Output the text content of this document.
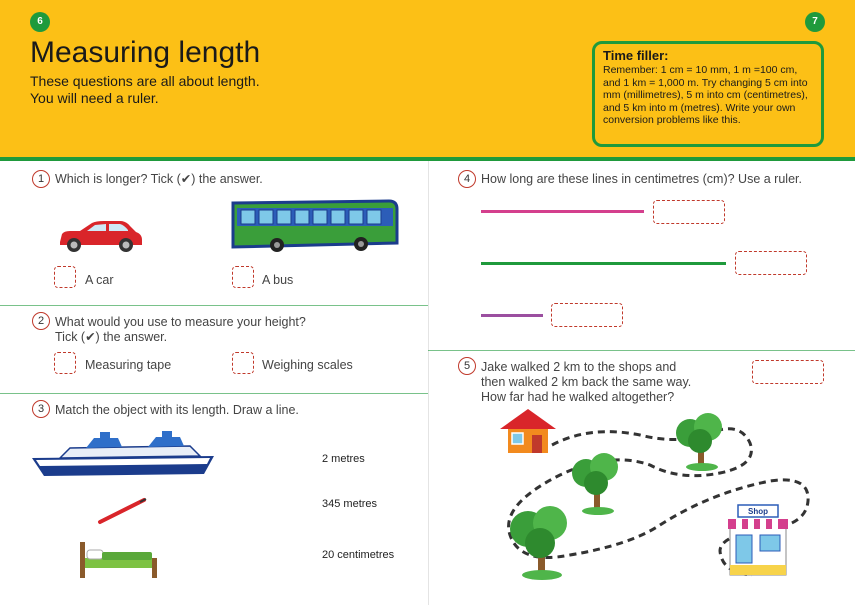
6	7
Measuring length
These questions are all about length.
You will need a ruler.
Time filler:
Remember: 1 cm = 10 mm, 1 m =100 cm,
and 1 km = 1,000 m. Try changing 5 cm into
mm (millimetres), 5 m into cm (centimetres),
and 5 km into m (metres). Write your own
conversion problems like this.
1 Which is longer? Tick (✔) the answer.
A car	A bus
2 What would you use to measure your height?
Tick (✔) the answer.
Measuring tape	Weighing scales
3 Match the object with its length. Draw a line.
2 metres
345 metres
20 centimetres
4 How long are these lines in centimetres (cm)? Use a ruler.
5 Jake walked 2 km to the shops and
then walked 2 km back the same way.
How far had he walked altogether?
Shop
